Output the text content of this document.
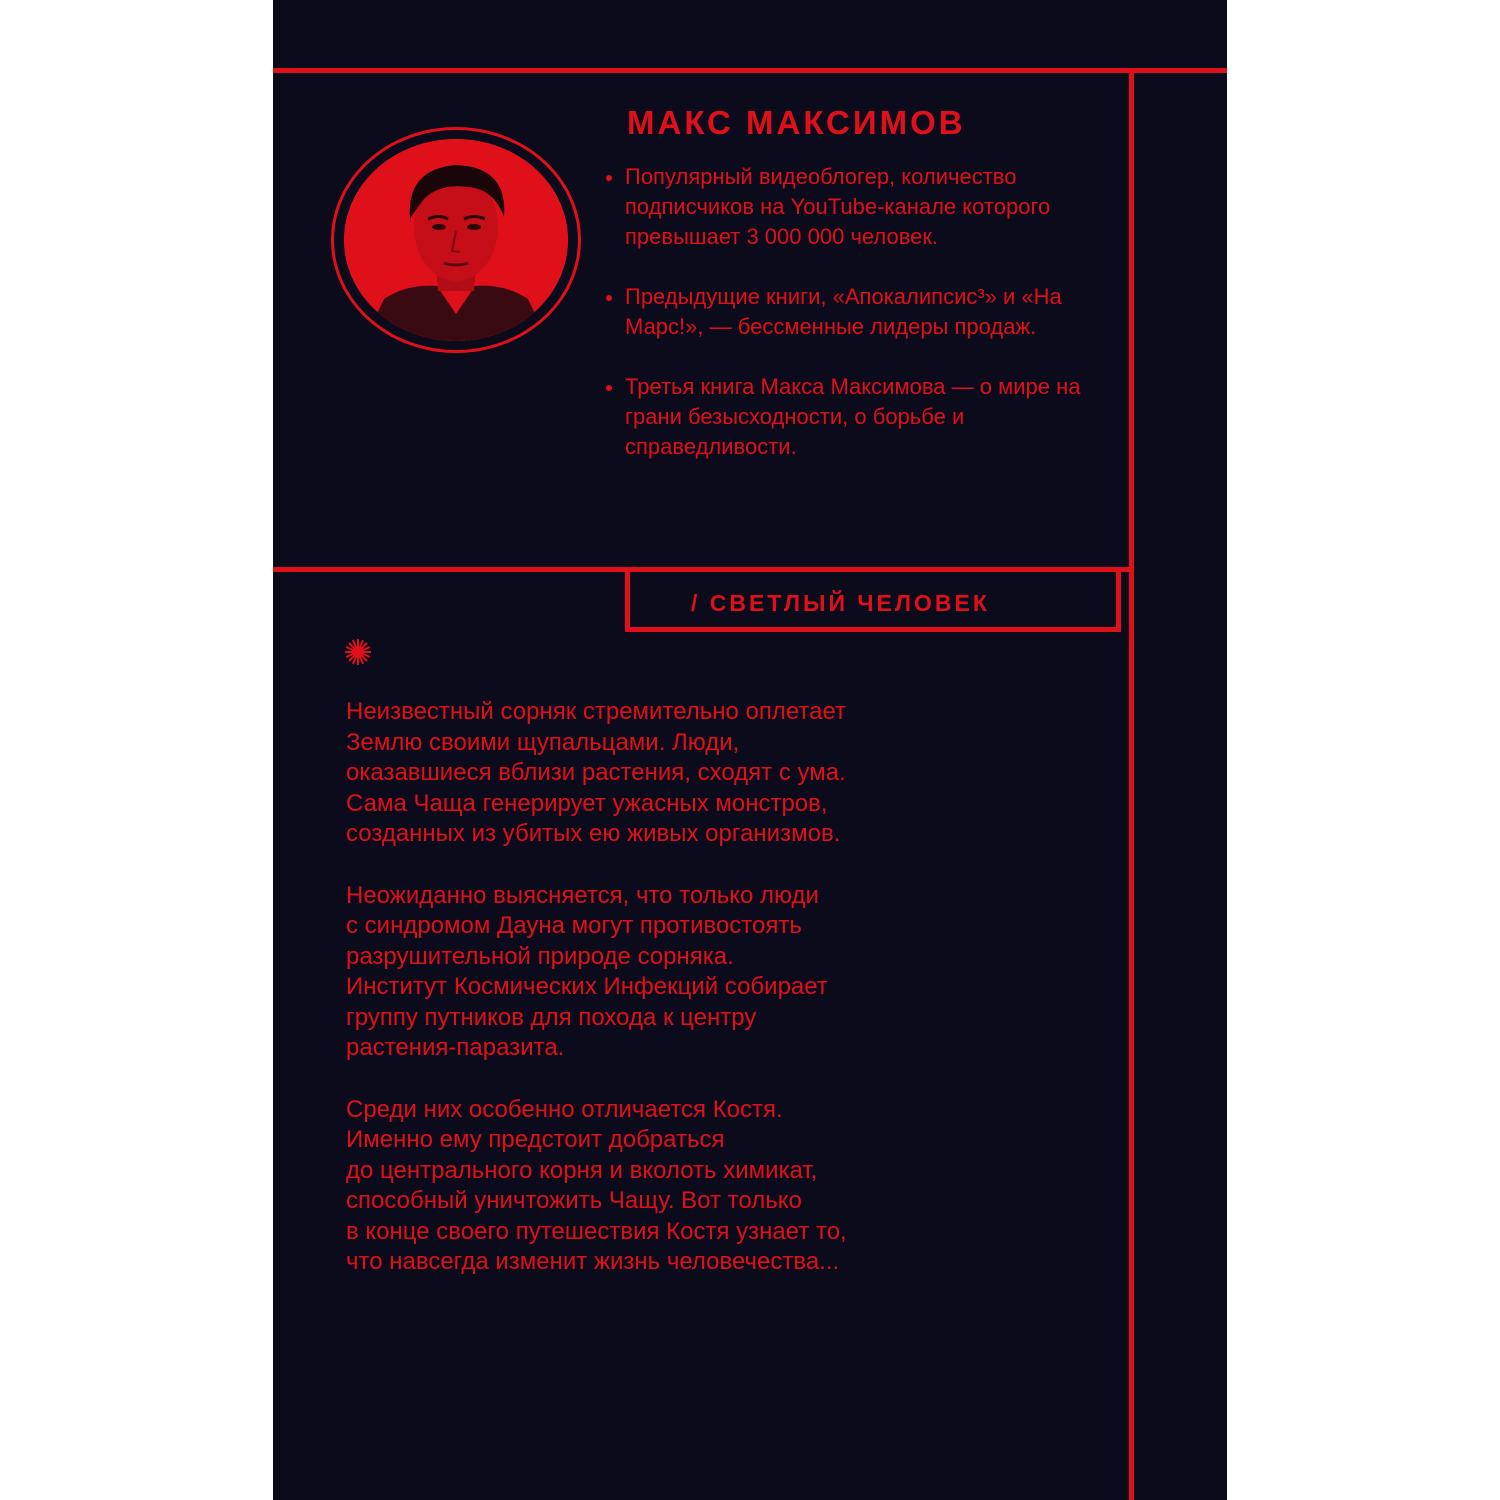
/ СВЕТЛЫЙ ЧЕЛОВЕК
МАКС МАКСИМОВ
Популярный видеоблогер, количество подписчиков на YouTube-канале которого превышает 3 000 000 человек.
Предыдущие книги, «Апокалипсис³» и «На Марс!», — бессменные лидеры продаж.
Третья книга Макса Максимова — о мире на грани безысходности, о борьбе и справедливости.

Неизвестный сорняк стремительно оплетает
Землю своими щупальцами. Люди,
оказавшиеся вблизи растения, сходят с ума.
Сама Чаща генерирует ужасных монстров,
созданных из убитых ею живых организмов.

Неожиданно выясняется, что только люди
с синдромом Дауна могут противостоять
разрушительной природе сорняка.
Институт Космических Инфекций собирает
группу путников для похода к центру
растения-паразита.

Среди них особенно отличается Костя.
Именно ему предстоит добраться
до центрального корня и вколоть химикат,
способный уничтожить Чащу. Вот только
в конце своего путешествия Костя узнает то,
что навсегда изменит жизнь человечества...
